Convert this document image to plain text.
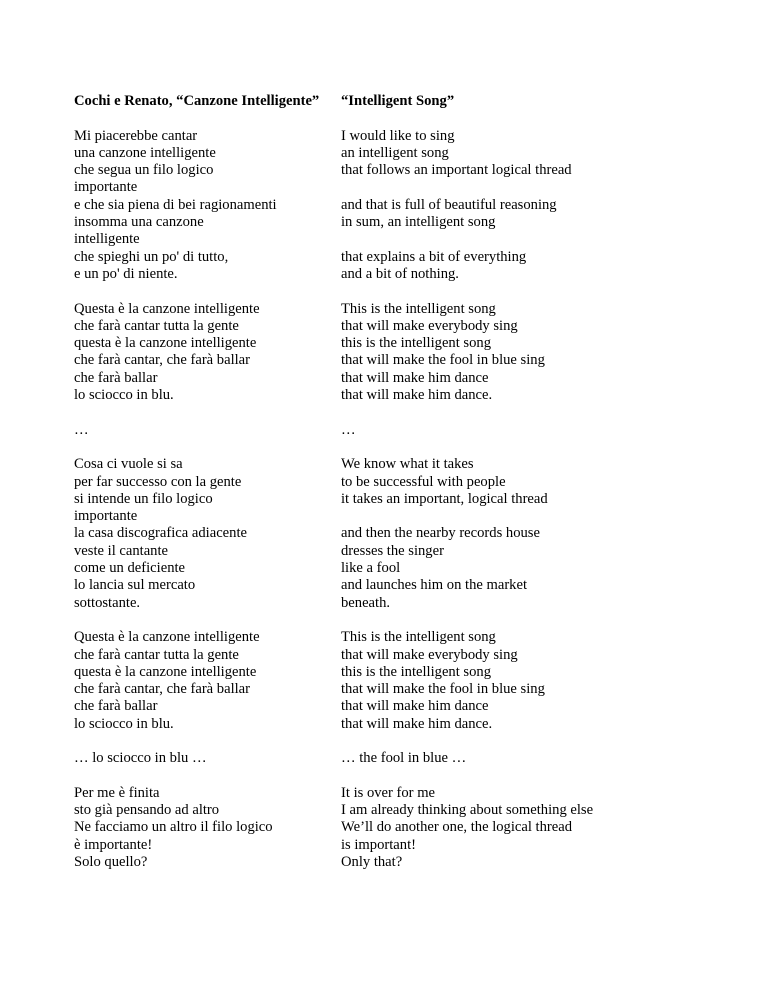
Cochi e Renato, “Canzone Intelligente”
Mi piacerebbe cantar
una canzone intelligente
che segua un filo logico
importante
e che sia piena di bei ragionamenti
insomma una canzone
intelligente
che spieghi un po' di tutto,
e un po' di niente.
Questa è la canzone intelligente
che farà cantar tutta la gente
questa è la canzone intelligente
che farà cantar, che farà ballar
che farà ballar
lo sciocco in blu.
…
Cosa ci vuole si sa
per far successo con la gente
si intende un filo logico
importante
la casa discografica adiacente
veste il cantante
come un deficiente
lo lancia sul mercato
sottostante.
Questa è la canzone intelligente
che farà cantar tutta la gente
questa è la canzone intelligente
che farà cantar, che farà ballar
che farà ballar
lo sciocco in blu.
… lo sciocco in blu …
Per me è finita
sto già pensando ad altro
Ne facciamo un altro il filo logico
è importante!
Solo quello?
“Intelligent Song”
I would like to sing
an intelligent song
that follows an important logical thread
and that is full of beautiful reasoning
in sum, an intelligent song
that explains a bit of everything
and a bit of nothing.
This is the intelligent song
that will make everybody sing
this is the intelligent song
that will make the fool in blue sing
that will make him dance
that will make him dance.
…
We know what it takes
to be successful with people
it takes an important, logical thread
and then the nearby records house
dresses the singer
like a fool
and launches him on the market
beneath.
This is the intelligent song
that will make everybody sing
this is the intelligent song
that will make the fool in blue sing
that will make him dance
that will make him dance.
… the fool in blue …
It is over for me
I am already thinking about something else
We’ll do another one, the logical thread
is important!
Only that?
